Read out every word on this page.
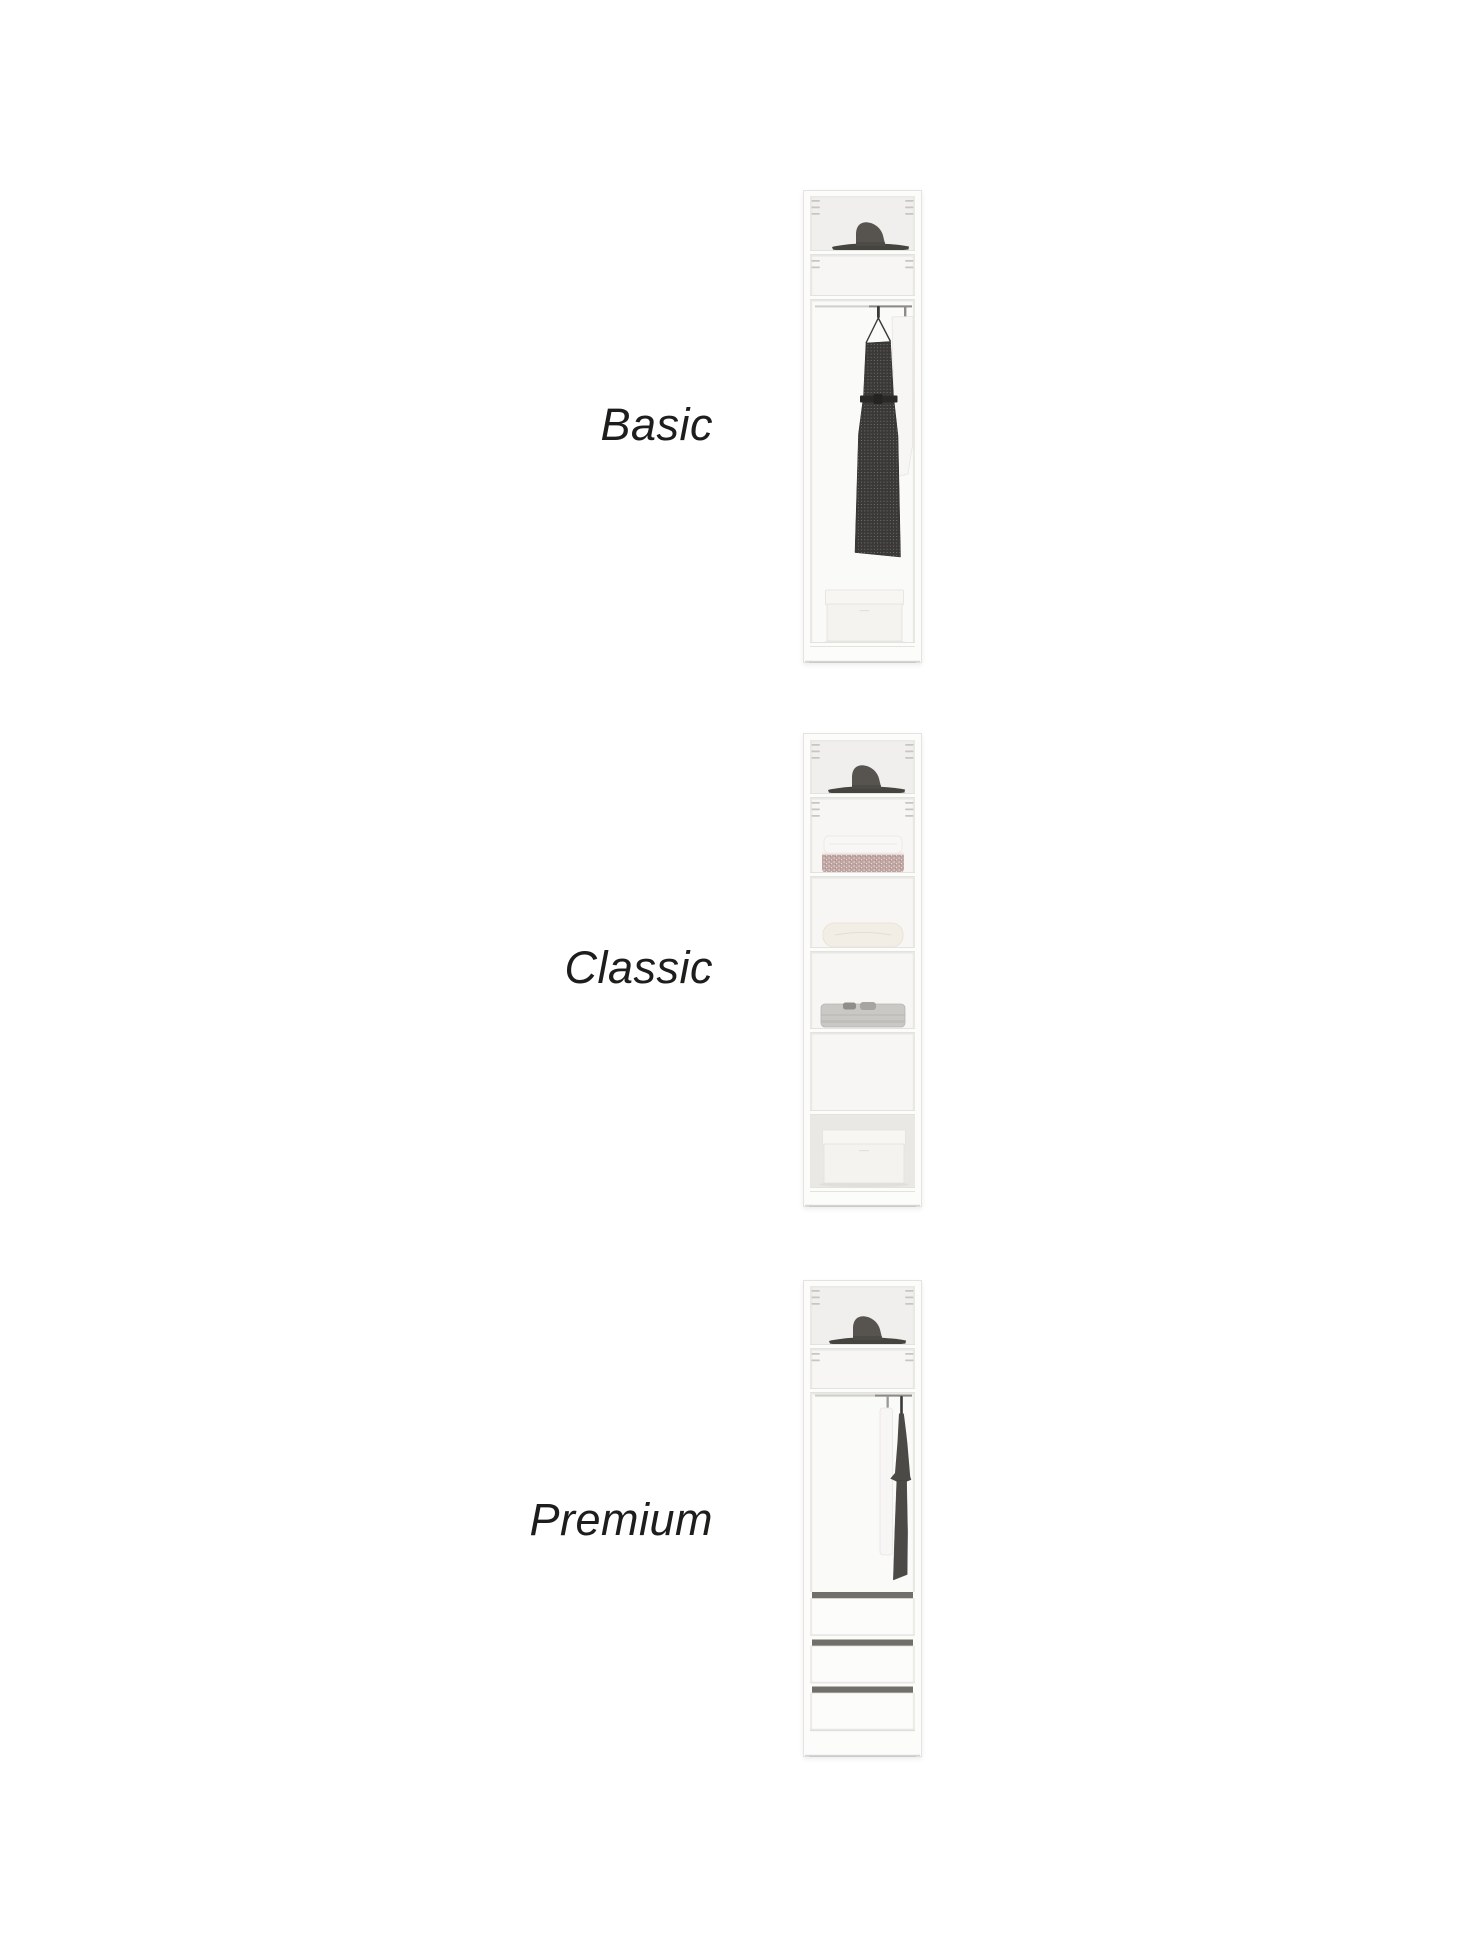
Basic
Classic
Premium
